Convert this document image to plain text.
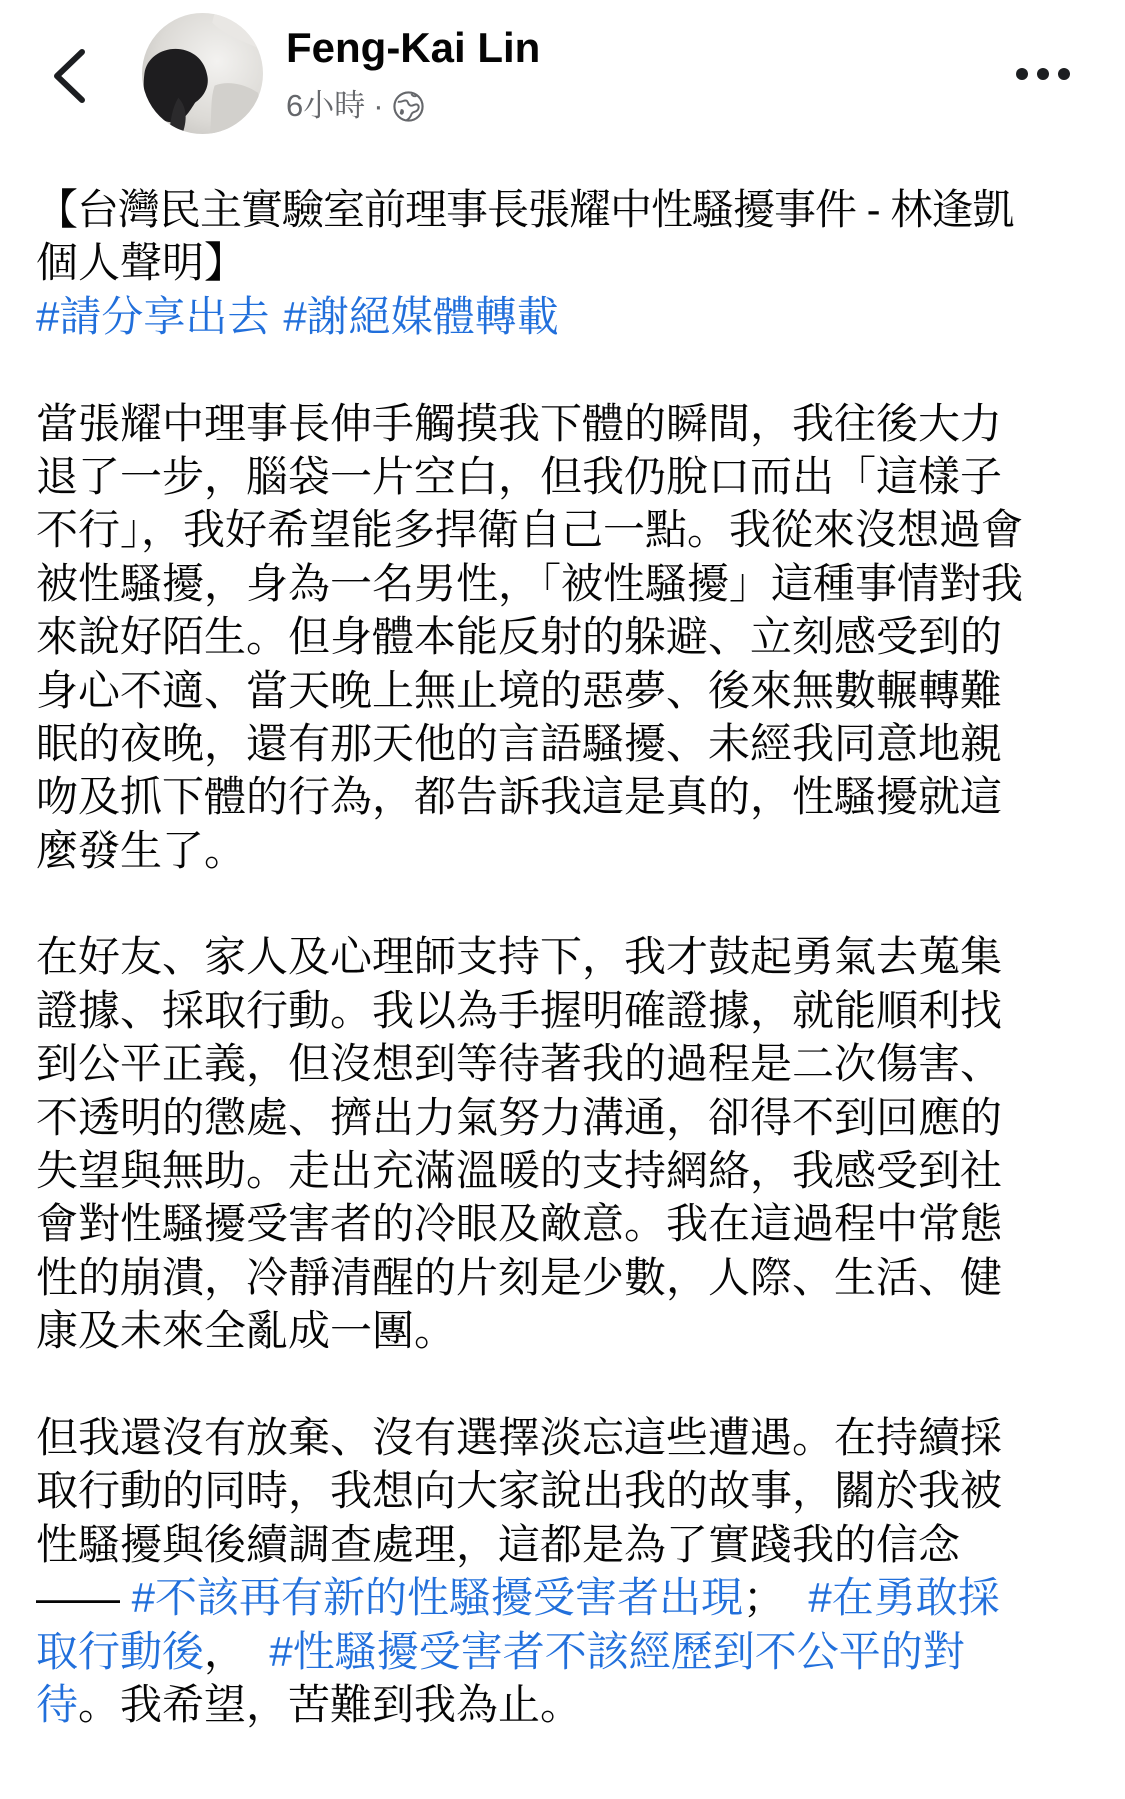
Feng-Kai Lin
6小時 ·
【台灣民主實驗室前理事長張耀中性騷擾事件 - 林逢凱
個人聲明】
#請分享出去 #謝絕媒體轉載
當張耀中理事長伸手觸摸我下體的瞬間，我往後大力
退了一步，腦袋一片空白，但我仍脫口而出「這樣子
不行」，我好希望能多捍衛自己一點。我從來沒想過會
被性騷擾，身為一名男性，「被性騷擾」這種事情對我
來說好陌生。但身體本能反射的躲避、立刻感受到的
身心不適、當天晚上無止境的惡夢、後來無數輾轉難
眠的夜晚，還有那天他的言語騷擾、未經我同意地親
吻及抓下體的行為，都告訴我這是真的，性騷擾就這
麼發生了。
在好友、家人及心理師支持下，我才鼓起勇氣去蒐集
證據、採取行動。我以為手握明確證據，就能順利找
到公平正義，但沒想到等待著我的過程是二次傷害、
不透明的懲處、擠出力氣努力溝通，卻得不到回應的
失望與無助。走出充滿溫暖的支持網絡，我感受到社
會對性騷擾受害者的冷眼及敵意。我在這過程中常態
性的崩潰，冷靜清醒的片刻是少數，人際、生活、健
康及未來全亂成一團。
但我還沒有放棄、沒有選擇淡忘這些遭遇。在持續採
取行動的同時，我想向大家說出我的故事，關於我被
性騷擾與後續調查處理，這都是為了實踐我的信念
—— #不該再有新的性騷擾受害者出現；  #在勇敢採
取行動後，  #性騷擾受害者不該經歷到不公平的對
待。我希望，苦難到我為止。
